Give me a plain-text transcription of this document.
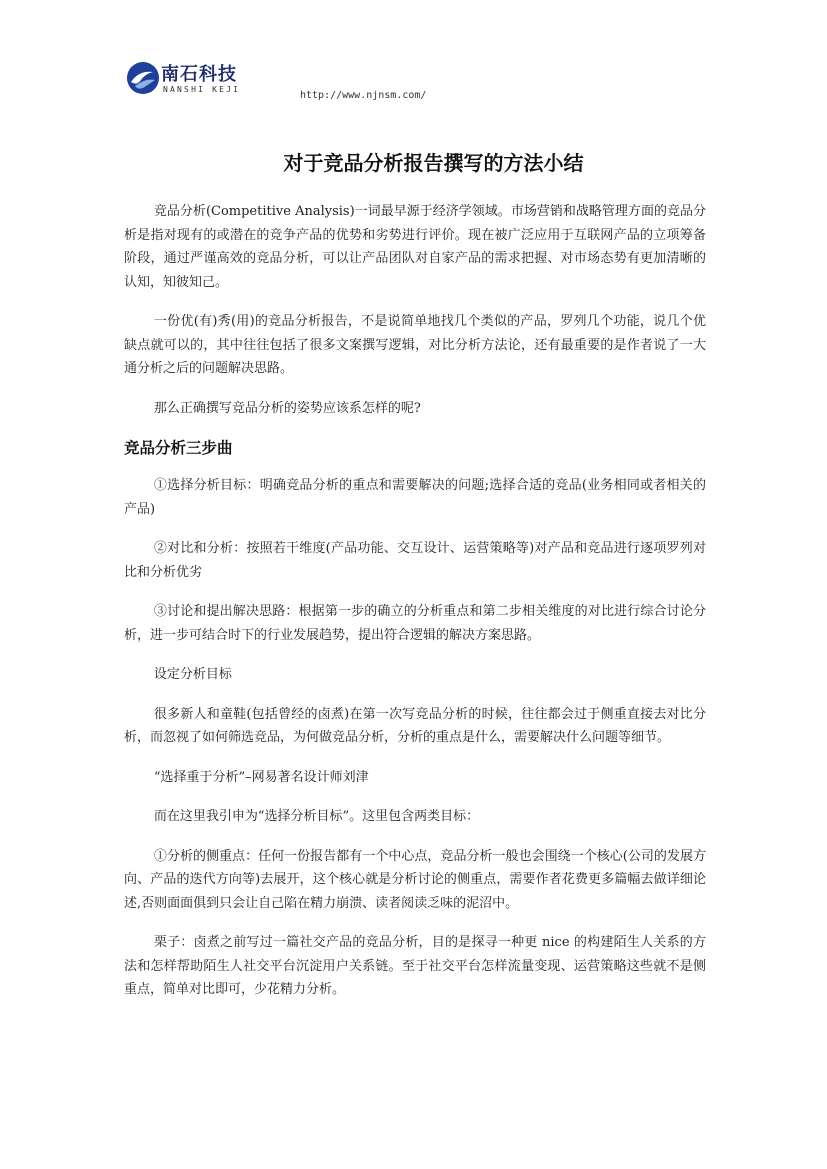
南石科技
NANSHI KEJI
http://www.njnsm.com/
对于竞品分析报告撰写的方法小结

竞品分析(Competitive Analysis)一词最早源于经济学领域。市场营销和战略管理方面的竞品分析是指对现有的或潜在的竞争产品的优势和劣势进行评价。现在被广泛应用于互联网产品的立项筹备阶段，通过严谨高效的竞品分析，可以让产品团队对自家产品的需求把握、对市场态势有更加清晰的认知，知彼知己。

一份优(有)秀(用)的竞品分析报告，不是说简单地找几个类似的产品，罗列几个功能，说几个优缺点就可以的，其中往往包括了很多文案撰写逻辑，对比分析方法论，还有最重要的是作者说了一大通分析之后的问题解决思路。

那么正确撰写竞品分析的姿势应该系怎样的呢?

竞品分析三步曲

①选择分析目标：明确竞品分析的重点和需要解决的问题;选择合适的竞品(业务相同或者相关的产品)

②对比和分析：按照若干维度(产品功能、交互设计、运营策略等)对产品和竞品进行逐项罗列对比和分析优劣

③讨论和提出解决思路：根据第一步的确立的分析重点和第二步相关维度的对比进行综合讨论分析，进一步可结合时下的行业发展趋势，提出符合逻辑的解决方案思路。

设定分析目标

很多新人和童鞋(包括曾经的卤煮)在第一次写竞品分析的时候，往往都会过于侧重直接去对比分析，而忽视了如何筛选竞品，为何做竞品分析，分析的重点是什么，需要解决什么问题等细节。

“选择重于分析”–网易著名设计师刘津

而在这里我引申为“选择分析目标”。这里包含两类目标：

①分析的侧重点：任何一份报告都有一个中心点，竞品分析一般也会围绕一个核心(公司的发展方向、产品的迭代方向等)去展开，这个核心就是分析讨论的侧重点，需要作者花费更多篇幅去做详细论述,否则面面俱到只会让自己陷在精力崩溃、读者阅读乏味的泥沼中。

栗子：卤煮之前写过一篇社交产品的竞品分析，目的是探寻一种更 nice 的构建陌生人关系的方法和怎样帮助陌生人社交平台沉淀用户关系链。至于社交平台怎样流量变现、运营策略这些就不是侧重点，简单对比即可，少花精力分析。
